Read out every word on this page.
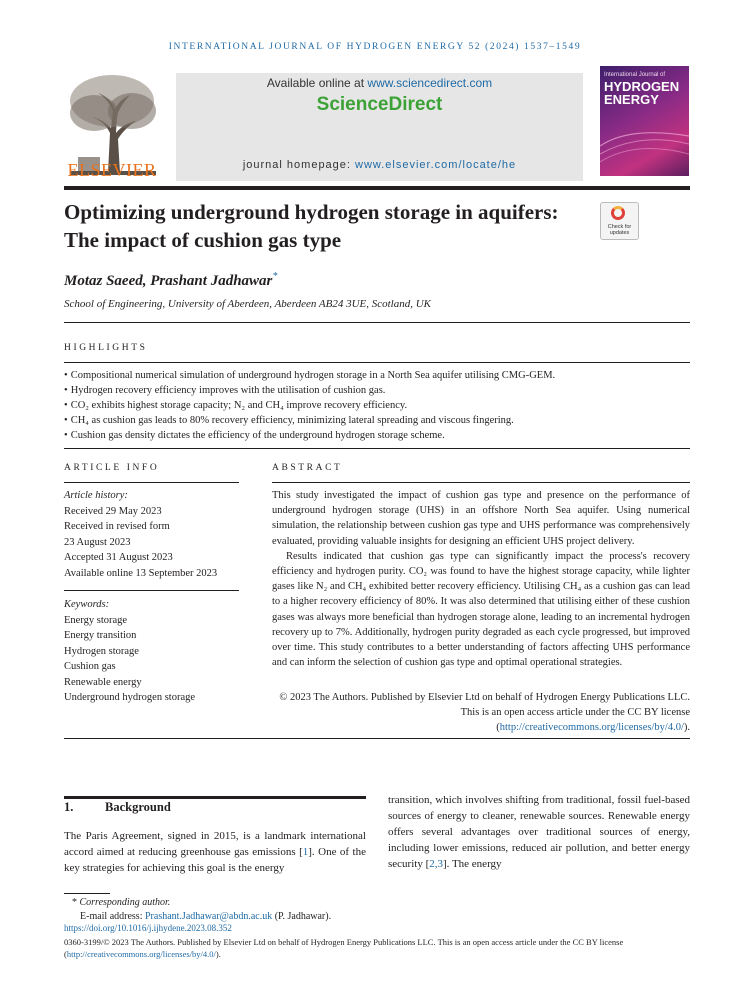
INTERNATIONAL JOURNAL OF HYDROGEN ENERGY 52 (2024) 1537–1549
ELSEVIER
Available online at www.sciencedirect.com
ScienceDirect
journal homepage: www.elsevier.com/locate/he
International Journal of
HYDROGEN ENERGY
Optimizing underground hydrogen storage in aquifers: The impact of cushion gas type
Check for updates
Motaz Saeed, Prashant Jadhawar*
School of Engineering, University of Aberdeen, Aberdeen AB24 3UE, Scotland, UK
HIGHLIGHTS
• Compositional numerical simulation of underground hydrogen storage in a North Sea aquifer utilising CMG-GEM.
• Hydrogen recovery efficiency improves with the utilisation of cushion gas.
• CO₂ exhibits highest storage capacity; N₂ and CH₄ improve recovery efficiency.
• CH₄ as cushion gas leads to 80% recovery efficiency, minimizing lateral spreading and viscous fingering.
• Cushion gas density dictates the efficiency of the underground hydrogen storage scheme.
ARTICLE INFO
Article history:
Received 29 May 2023
Received in revised form
23 August 2023
Accepted 31 August 2023
Available online 13 September 2023
Keywords:
Energy storage
Energy transition
Hydrogen storage
Cushion gas
Renewable energy
Underground hydrogen storage
ABSTRACT

This study investigated the impact of cushion gas type and presence on the performance of underground hydrogen storage (UHS) in an offshore North Sea aquifer. Using numerical simulation, the relationship between cushion gas type and UHS performance was comprehensively evaluated, providing valuable insights for designing an efficient UHS project delivery.

Results indicated that cushion gas type can significantly impact the process's recovery efficiency and hydrogen purity. CO₂ was found to have the highest storage capacity, while lighter gases like N₂ and CH₄ exhibited better recovery efficiency. Utilising CH₄ as a cushion gas can lead to a higher recovery efficiency of 80%. It was also determined that utilising either of these cushion gases was always more beneficial than hydrogen storage alone, leading to an incremental hydrogen recovery up to 7%. Additionally, hydrogen purity degraded as each cycle progressed, but improved over time. This study contributes to a better understanding of factors affecting UHS performance and can inform the selection of cushion gas type and optimal operational strategies.

© 2023 The Authors. Published by Elsevier Ltd on behalf of Hydrogen Energy Publications LLC. This is an open access article under the CC BY license (http://creativecommons.org/licenses/by/4.0/).
1.	Background
The Paris Agreement, signed in 2015, is a landmark international accord aimed at reducing greenhouse gas emissions [1]. One of the key strategies for achieving this goal is the energy
transition, which involves shifting from traditional, fossil fuel-based sources of energy to cleaner, renewable sources. Renewable energy offers several advantages over traditional sources of energy, including lower emissions, reduced air pollution, and better energy security [2,3]. The energy
* Corresponding author.
E-mail address: Prashant.Jadhawar@abdn.ac.uk (P. Jadhawar).
https://doi.org/10.1016/j.ijhydene.2023.08.352
0360-3199/© 2023 The Authors. Published by Elsevier Ltd on behalf of Hydrogen Energy Publications LLC. This is an open access article under the CC BY license (http://creativecommons.org/licenses/by/4.0/).
